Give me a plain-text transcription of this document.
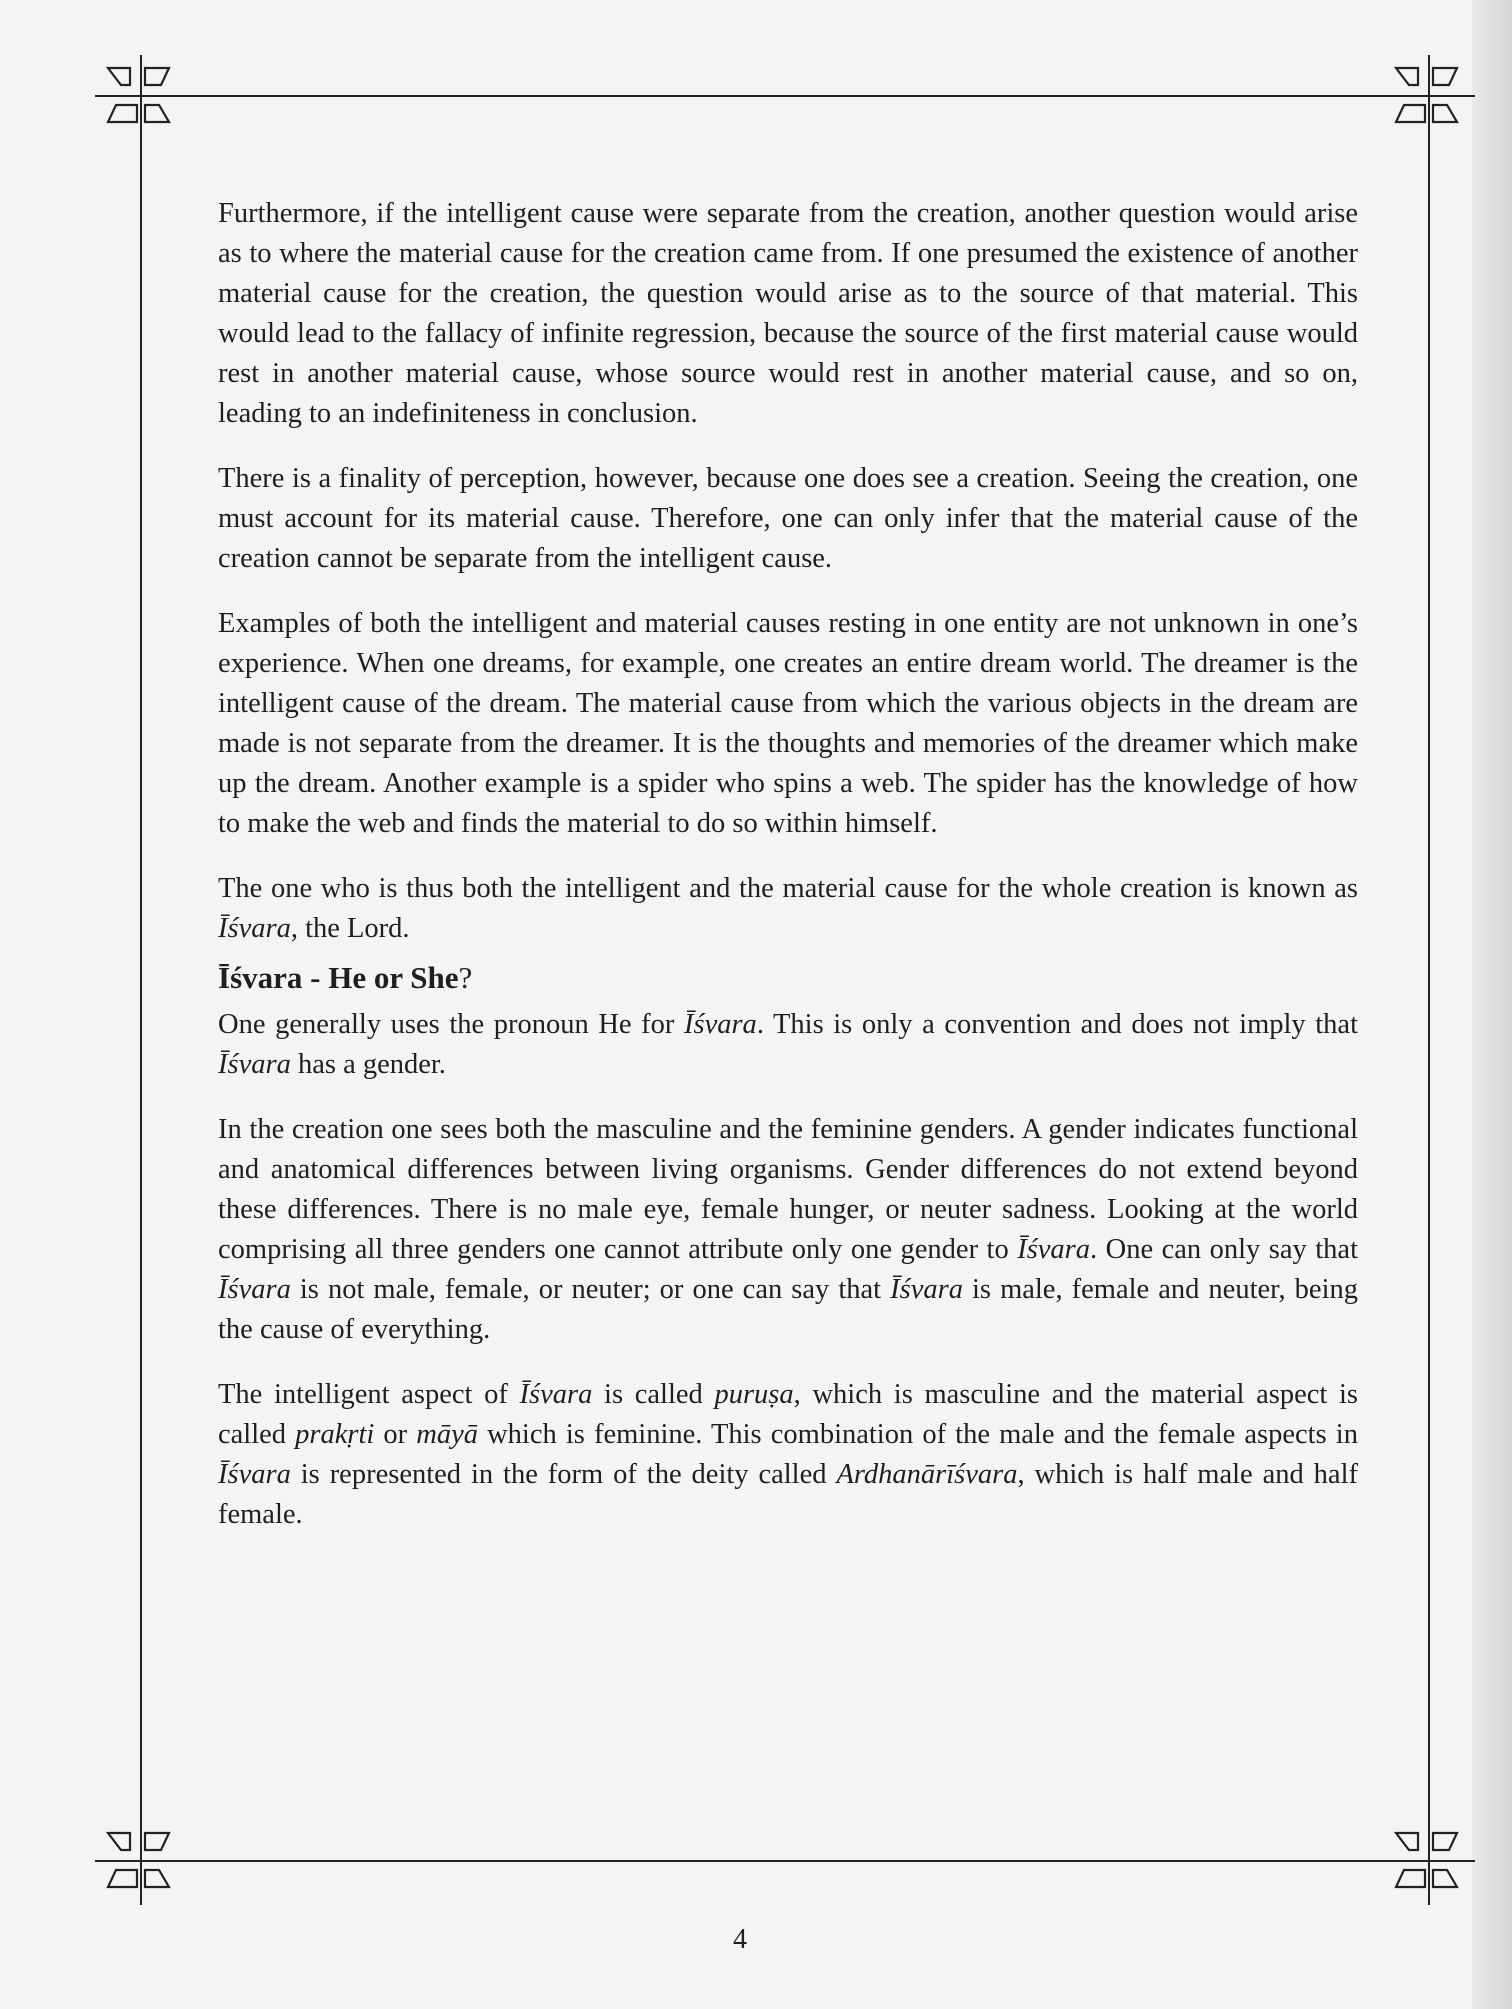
Furthermore, if the intelligent cause were separate from the creation, another question would arise as to where the material cause for the creation came from. If one presumed the existence of another material cause for the creation, the question would arise as to the source of that material. This would lead to the fallacy of infinite regression, because the source of the first material cause would rest in another material cause, whose source would rest in another material cause, and so on, leading to an indefiniteness in conclusion.

There is a finality of perception, however, because one does see a creation. Seeing the creation, one must account for its material cause. Therefore, one can only infer that the material cause of the creation cannot be separate from the intelligent cause.

Examples of both the intelligent and material causes resting in one entity are not unknown in one’s experience. When one dreams, for example, one creates an entire dream world. The dreamer is the intelligent cause of the dream. The material cause from which the various objects in the dream are made is not separate from the dreamer. It is the thoughts and memories of the dreamer which make up the dream. Another example is a spider who spins a web. The spider has the knowledge of how to make the web and finds the material to do so within himself.

The one who is thus both the intelligent and the material cause for the whole creation is known as Īśvara, the Lord.

Īśvara - He or She?

One generally uses the pronoun He for Īśvara. This is only a convention and does not imply that Īśvara has a gender.

In the creation one sees both the masculine and the feminine genders. A gender indicates functional and anatomical differences between living organisms. Gender differences do not extend beyond these differences. There is no male eye, female hunger, or neuter sadness. Looking at the world comprising all three genders one cannot attribute only one gender to Īśvara. One can only say that Īśvara is not male, female, or neuter; or one can say that Īśvara is male, female and neuter, being the cause of everything.

The intelligent aspect of Īśvara is called puruṣa, which is masculine and the material aspect is called prakṛti or māyā which is feminine. This combination of the male and the female aspects in Īśvara is represented in the form of the deity called Ardhanārīśvara, which is half male and half female.

4
